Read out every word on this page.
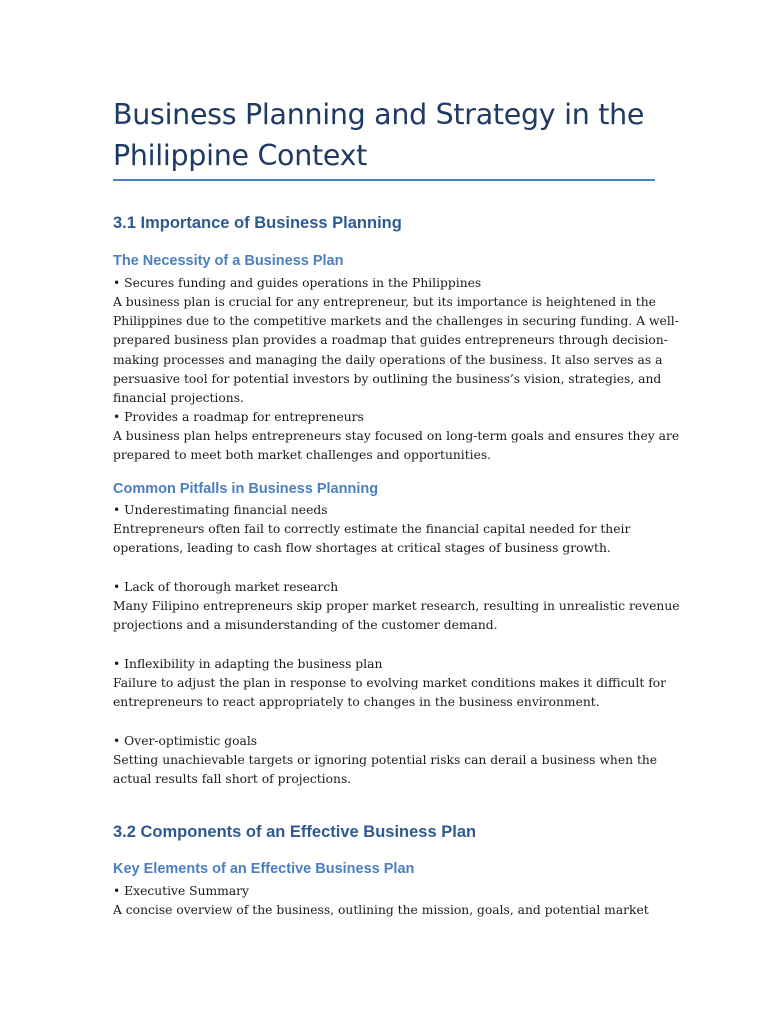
Business Planning and Strategy in the
Philippine Context
3.1 Importance of Business Planning
The Necessity of a Business Plan

• Secures funding and guides operations in the Philippines

A business plan is crucial for any entrepreneur, but its importance is heightened in the
Philippines due to the competitive markets and the challenges in securing funding. A well-
prepared business plan provides a roadmap that guides entrepreneurs through decision-
making processes and managing the daily operations of the business. It also serves as a
persuasive tool for potential investors by outlining the business’s vision, strategies, and
financial projections.

• Provides a roadmap for entrepreneurs

A business plan helps entrepreneurs stay focused on long-term goals and ensures they are
prepared to meet both market challenges and opportunities.

Common Pitfalls in Business Planning

• Underestimating financial needs

Entrepreneurs often fail to correctly estimate the financial capital needed for their
operations, leading to cash flow shortages at critical stages of business growth.

• Lack of thorough market research

Many Filipino entrepreneurs skip proper market research, resulting in unrealistic revenue
projections and a misunderstanding of the customer demand.

• Inflexibility in adapting the business plan

Failure to adjust the plan in response to evolving market conditions makes it difficult for
entrepreneurs to react appropriately to changes in the business environment.

• Over-optimistic goals

Setting unachievable targets or ignoring potential risks can derail a business when the
actual results fall short of projections.

3.2 Components of an Effective Business Plan
Key Elements of an Effective Business Plan

• Executive Summary

A concise overview of the business, outlining the mission, goals, and potential market
